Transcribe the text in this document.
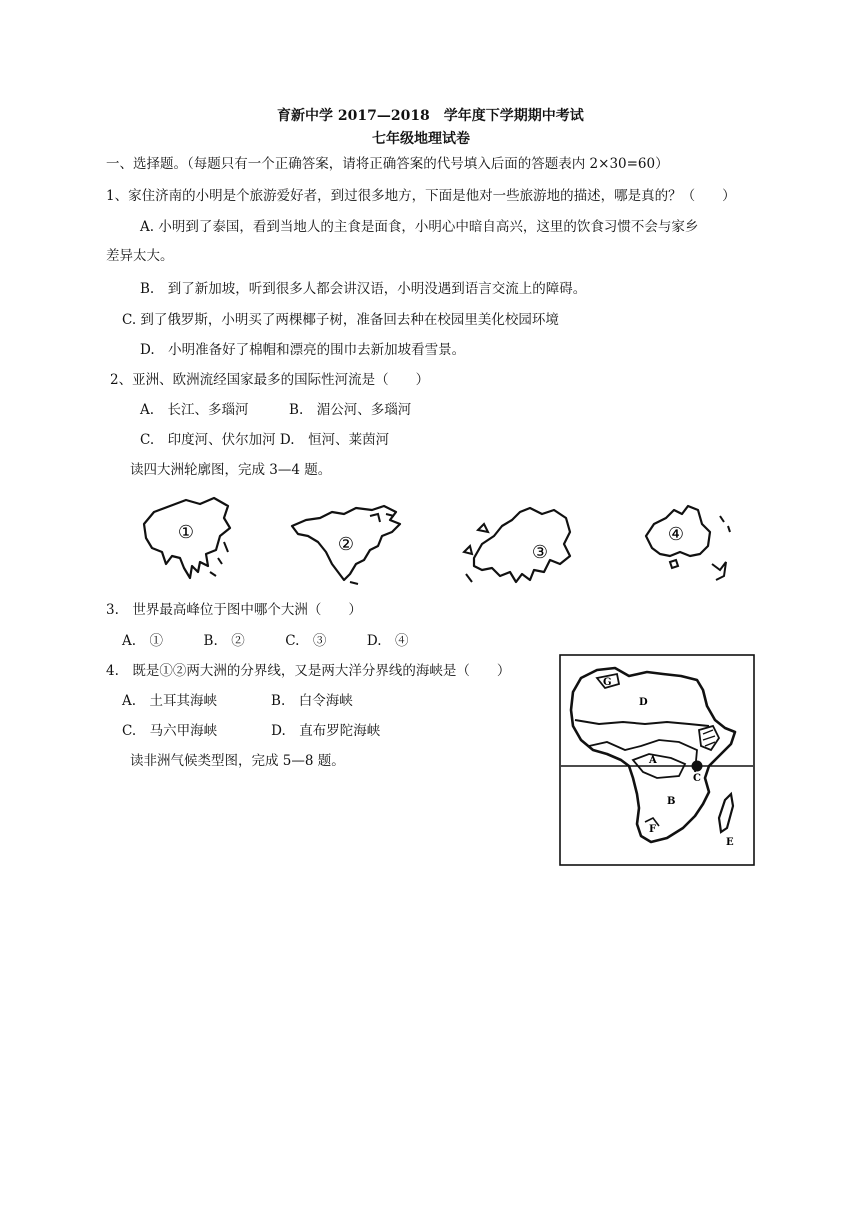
育新中学 2017—2018　学年度下学期期中考试
七年级地理试卷
一、选择题。（每题只有一个正确答案，请将正确答案的代号填入后面的答题表内 2×30=60）
1、家住济南的小明是个旅游爱好者，到过很多地方，下面是他对一些旅游地的描述，哪是真的？（　　）
A. 小明到了泰国，看到当地人的主食是面食，小明心中暗自高兴，这里的饮食习惯不会与家乡
差异太大。
B.　到了新加坡，听到很多人都会讲汉语，小明没遇到语言交流上的障碍。
C. 到了俄罗斯，小明买了两棵椰子树，准备回去种在校园里美化校园环境
D.　小明准备好了棉帽和漂亮的围巾去新加坡看雪景。
2、亚洲、欧洲流经国家最多的国际性河流是（　　）
A.　长江、多瑙河　　　B.　湄公河、多瑙河
C.　印度河、伏尔加河 D.　恒河、莱茵河
读四大洲轮廓图，完成 3—4 题。
①
②	③
④
3.　世界最高峰位于图中哪个大洲（　　）
A.　①　　　B.　②　　　C.　③　　　D.　④
4.　既是①②两大洲的分界线，又是两大洋分界线的海峡是（　　）
A.　土耳其海峡　　　　B.　白令海峡
C.　马六甲海峡　　　　D.　直布罗陀海峡
读非洲气候类型图，完成 5—8 题。
G
D
A
C
B
F
E
